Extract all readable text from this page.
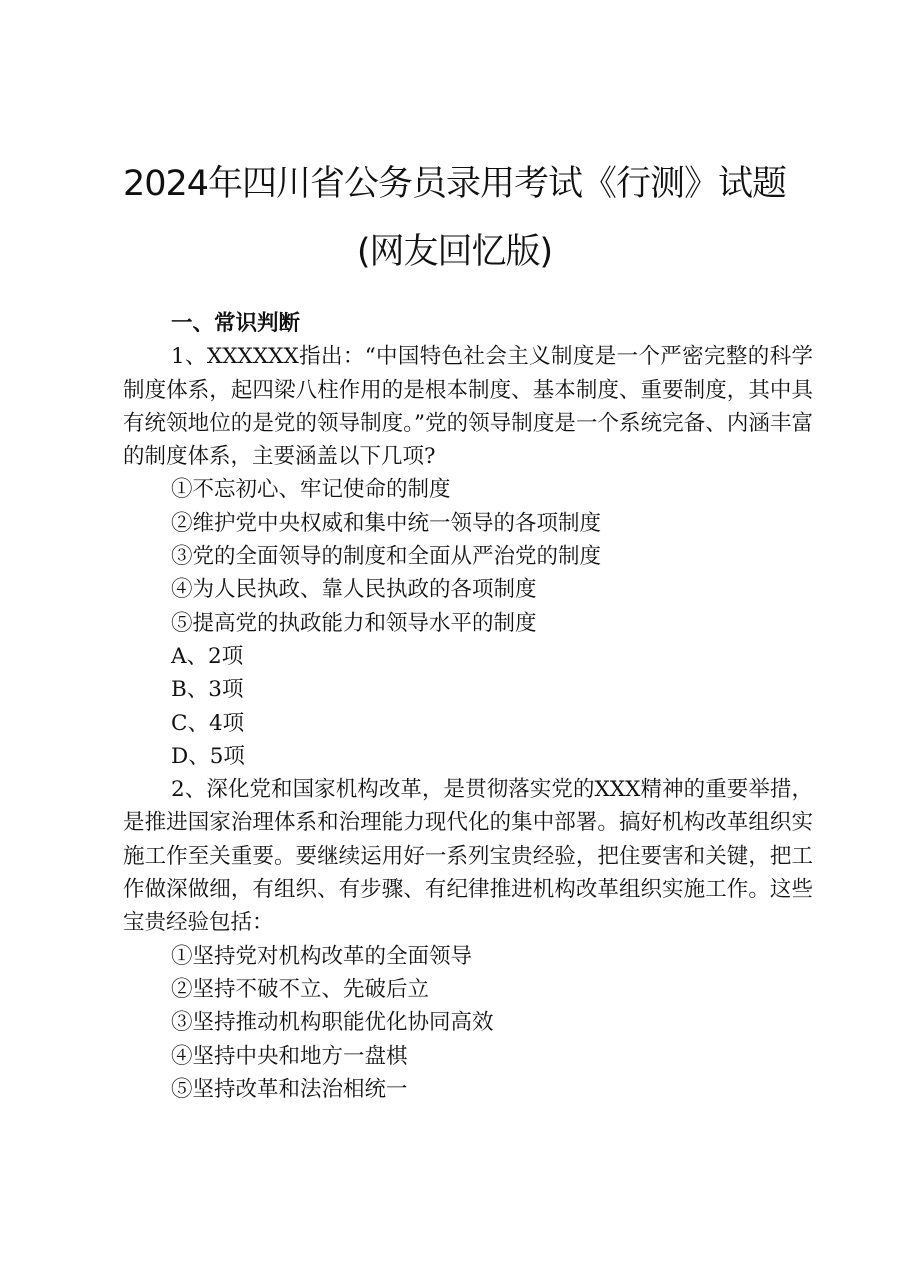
2024年四川省公务员录用考试《行测》试题
(网友回忆版)

一、常识判断

1、XXXXXX指出：“中国特色社会主义制度是一个严密完整的科学制度体系，起四梁八柱作用的是根本制度、基本制度、重要制度，其中具有统领地位的是党的领导制度。”党的领导制度是一个系统完备、内涵丰富的制度体系，主要涵盖以下几项?

①不忘初心、牢记使命的制度

②维护党中央权威和集中统一领导的各项制度

③党的全面领导的制度和全面从严治党的制度

④为人民执政、靠人民执政的各项制度

⑤提高党的执政能力和领导水平的制度

A、2项

B、3项

C、4项

D、5项

2、深化党和国家机构改革，是贯彻落实党的XXX精神的重要举措，是推进国家治理体系和治理能力现代化的集中部署。搞好机构改革组织实施工作至关重要。要继续运用好一系列宝贵经验，把住要害和关键，把工作做深做细，有组织、有步骤、有纪律推进机构改革组织实施工作。这些宝贵经验包括：

①坚持党对机构改革的全面领导

②坚持不破不立、先破后立

③坚持推动机构职能优化协同高效

④坚持中央和地方一盘棋

⑤坚持改革和法治相统一
